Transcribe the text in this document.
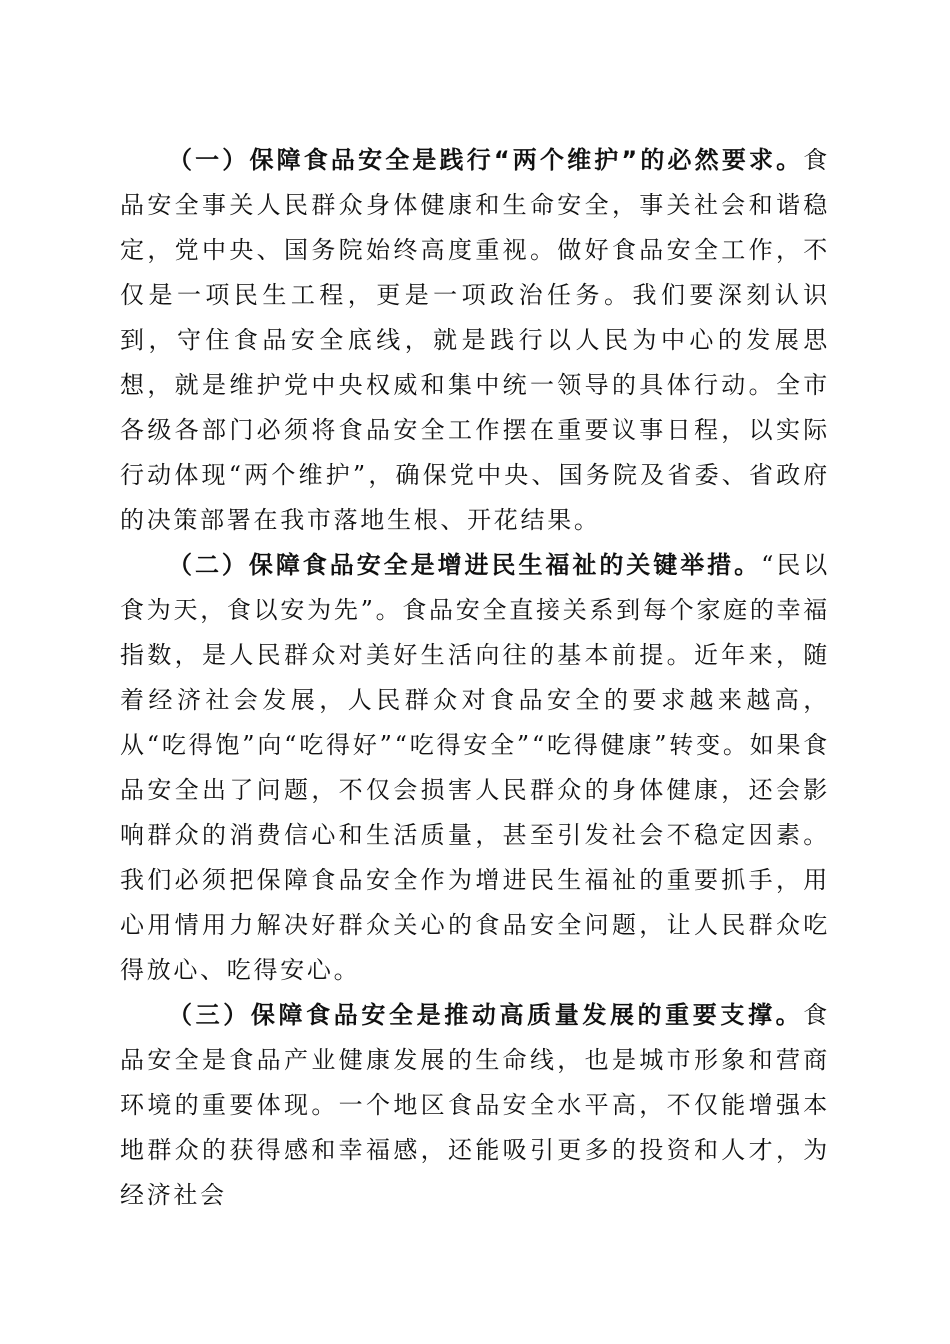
（一）保障食品安全是践行“两个维护”的必然要求。食品安全事关人民群众身体健康和生命安全，事关社会和谐稳定，党中央、国务院始终高度重视。做好食品安全工作，不仅是一项民生工程，更是一项政治任务。我们要深刻认识到，守住食品安全底线，就是践行以人民为中心的发展思想，就是维护党中央权威和集中统一领导的具体行动。全市各级各部门必须将食品安全工作摆在重要议事日程，以实际行动体现“两个维护”，确保党中央、国务院及省委、省政府的决策部署在我市落地生根、开花结果。

（二）保障食品安全是增进民生福祉的关键举措。“民以食为天，食以安为先”。食品安全直接关系到每个家庭的幸福指数，是人民群众对美好生活向往的基本前提。近年来，随着经济社会发展，人民群众对食品安全的要求越来越高，从“吃得饱”向“吃得好”“吃得安全”“吃得健康”转变。如果食品安全出了问题，不仅会损害人民群众的身体健康，还会影响群众的消费信心和生活质量，甚至引发社会不稳定因素。我们必须把保障食品安全作为增进民生福祉的重要抓手，用心用情用力解决好群众关心的食品安全问题，让人民群众吃得放心、吃得安心。

（三）保障食品安全是推动高质量发展的重要支撑。食品安全是食品产业健康发展的生命线，也是城市形象和营商环境的重要体现。一个地区食品安全水平高，不仅能增强本地群众的获得感和幸福感，还能吸引更多的投资和人才，为经济社会
